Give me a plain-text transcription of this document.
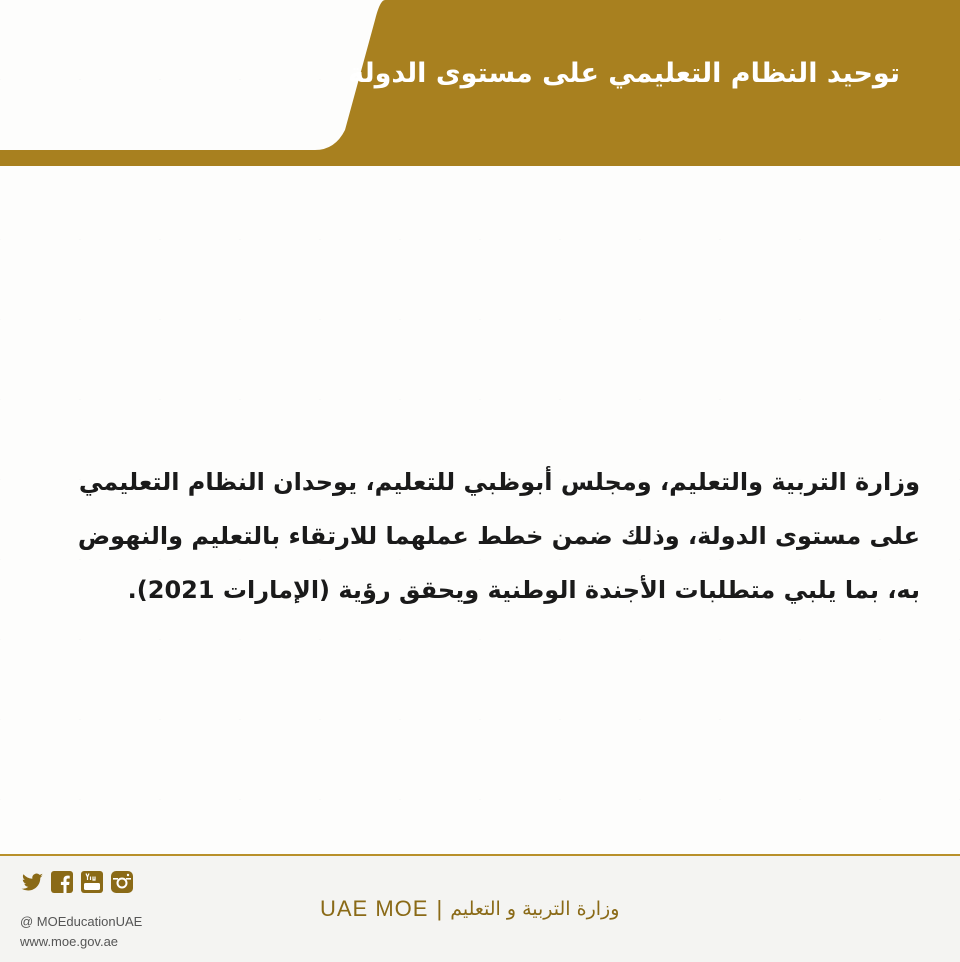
توحيد النظام التعليمي على مستوى الدولة
وزارة التربية والتعليم، ومجلس أبوظبي للتعليم، يوحدان النظام التعليمي
على مستوى الدولة، وذلك ضمن خطط عملهما للارتقاء بالتعليم والنهوض
به، بما يلبي متطلبات الأجندة الوطنية ويحقق رؤية (الإمارات 2021).
@ MOEducationUAE
www.moe.gov.ae
UAE MOE | وزارة التربية و التعليم
